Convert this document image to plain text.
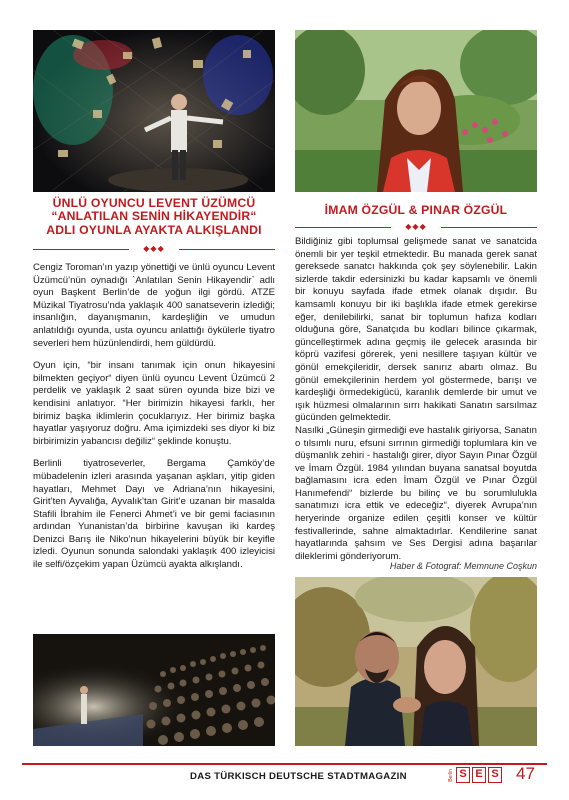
ÜNLÜ OYUNCU LEVENT ÜZÜMCÜ “ANLATILAN SENİN HİKAYENDİR“ ADLI OYUNLA AYAKTA ALKIŞLANDI
◆◆◆

Cengiz Toroman’ın yazıp yönettiği ve ünlü oyuncu Levent Üzümcü’nün oynadığı `Anlatılan Senin Hikayendir` adlı oyun Başkent Berlin’de de yoğun ilgi gördü. ATZE Müzikal Tiyatrosu’nda yaklaşık 400 sanatseverin izlediği; insanlığın, dayanışmanın, kardeşliğin ve umudun anlatıldığı oyunda, usta oyuncu anlattığı öykülerle tiyatro severleri hem hüzünlendirdi, hem güldürdü.

Oyun için, “bir insanı tanımak için onun hikayesini bilmekten geçiyor“ diyen ünlü oyuncu Levent Üzümcü 2 perdelik ve yaklaşık 2 saat süren oyunda bize bizi ve kendisini anlatıyor. “Her birimizin hikayesi farklı, her birimiz başka iklimlerin çocuklarıyız. Her birimiz başka hayatlar yaşıyoruz doğru. Ama içimizdeki ses diyor ki biz birbirimizin yabancısı değiliz“ şeklinde konuştu.

Berlinli tiyatroseverler, Bergama Çamköy’de mübadelenin izleri arasında yaşanan aşkları, yitip giden hayatları, Mehmet Dayı ve Adriana’nın hikayesini, Girit’ten Ayvalığa, Ayvalık’tan Girit’e uzanan bir masalda Stafili İbrahim ile Fenerci Ahmet’i ve bir gemi faciasının ardından Yunanistan’da birbirine kavuşan iki kardeş Denizci Barış ile Niko’nun hikayelerini büyük bir keyifle izledi. Oyunun sonunda salondaki yaklaşık 400 izleyicisi ile selfi/özçekim yapan Üzümcü ayakta alkışlandı.

İMAM ÖZGÜL & PINAR ÖZGÜL
◆◆◆

Bildiğiniz gibi toplumsal gelişmede sanat ve sanatcida önemli bir yer teşkil etmektedir. Bu manada gerek sanat gereksede sanatcı hakkında çok şey söylenebilir. Lakin sizlerde takdir edersinizki bu kadar kapsamlı ve önemli bir konuyu sayfada ifade etmek olanak dışıdır. Bu kamsamlı konuyu bir iki başlıkla ifade etmek gerekirse eğer, denilebilirki, sanat bir toplumun hafıza kodları olduğuna göre, Sanatçıda bu kodları bilince çıkarmak, güncelleştirmek adına geçmiş ile gelecek arasında bir köprü vazifesi görerek, yeni nesillere taşıyan kültür ve gönül emekçileridir, dersek sanırız abartı olmaz. Bu gönül emekçilerinin herdem yol göstermede, barışı ve kardeşliği örmedekigücü, karanlık demlerde bir umut ve ışık hüzmesi olmalarının sırrı hakikati Sanatın sarsılmaz gücünden gelmektedir.

Nasılki „Güneşin girmediği eve hastalık giriyorsa, Sanatın o tılsımlı nuru, efsuni sırrının girmediği toplumlara kin ve düşmanlık zehiri - hastalığı girer, diyor Sayın Pınar Özgül ve İmam Özgül. 1984 yılından buyana sanatsal boyutda bağlamasını icra eden İmam Özgül ve Pınar Özgül Hanımefendi“ bizlerde bu bilinç ve bu sorumlulukla sanatımızı icra ettik ve edeceğiz“, diyerek Avrupa‘nın heryerinde organize edilen çeşitli konser ve kültür festivallerinde, sahne almaktadırlar. Kendilerine sanat hayatlarında şahsım ve Ses Dergisi adına başarılar dileklerimi gönderiyorum.

Haber & Fotograf: Memnune Coşkun
DAS TÜRKISCH DEUTSCHE STADTMAGAZIN	Berlin S E S 47
